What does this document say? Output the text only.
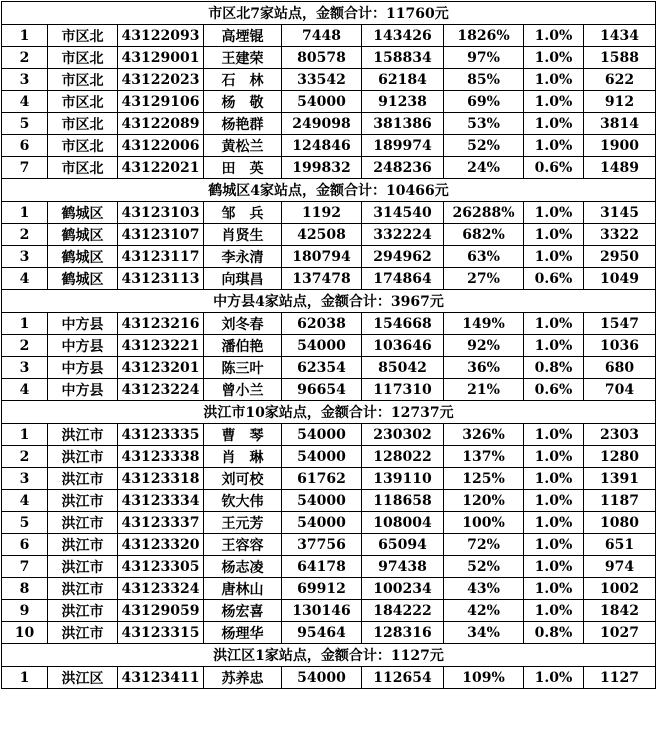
市区北7家站点，金额合计：11760元								
1	市区北	43122093	高堙锟	7448	143426	1826%	1.0%	1434
2	市区北	43129001	王建荣	80578	158834	97%	1.0%	1588
3	市区北	43122023	石　林	33542	62184	85%	1.0%	622
4	市区北	43129106	杨　敬	54000	91238	69%	1.0%	912
5	市区北	43122089	杨艳群	249098	381386	53%	1.0%	3814
6	市区北	43122006	黄松兰	124846	189974	52%	1.0%	1900
7	市区北	43122021	田　英	199832	248236	24%	0.6%	1489
鹤城区4家站点，金额合计：10466元								
1	鹤城区	43123103	邹　兵	1192	314540	26288%	1.0%	3145
2	鹤城区	43123107	肖贤生	42508	332224	682%	1.0%	3322
3	鹤城区	43123117	李永清	180794	294962	63%	1.0%	2950
4	鹤城区	43123113	向琪昌	137478	174864	27%	0.6%	1049
中方县4家站点，金额合计：3967元								
1	中方县	43123216	刘冬春	62038	154668	149%	1.0%	1547
2	中方县	43123221	潘伯艳	54000	103646	92%	1.0%	1036
3	中方县	43123201	陈三叶	62354	85042	36%	0.8%	680
4	中方县	43123224	曾小兰	96654	117310	21%	0.6%	704
洪江市10家站点，金额合计：12737元								
1	洪江市	43123335	曹　琴	54000	230302	326%	1.0%	2303
2	洪江市	43123338	肖　琳	54000	128022	137%	1.0%	1280
3	洪江市	43123318	刘可校	61762	139110	125%	1.0%	1391
4	洪江市	43123334	钦大伟	54000	118658	120%	1.0%	1187
5	洪江市	43123337	王元芳	54000	108004	100%	1.0%	1080
6	洪江市	43123320	王容容	37756	65094	72%	1.0%	651
7	洪江市	43123305	杨志凌	64178	97438	52%	1.0%	974
8	洪江市	43123324	唐林山	69912	100234	43%	1.0%	1002
9	洪江市	43129059	杨宏喜	130146	184222	42%	1.0%	1842
10	洪江市	43123315	杨理华	95464	128316	34%	0.8%	1027
洪江区1家站点，金额合计：1127元								
1	洪江区	43123411	苏养忠	54000	112654	109%	1.0%	1127
